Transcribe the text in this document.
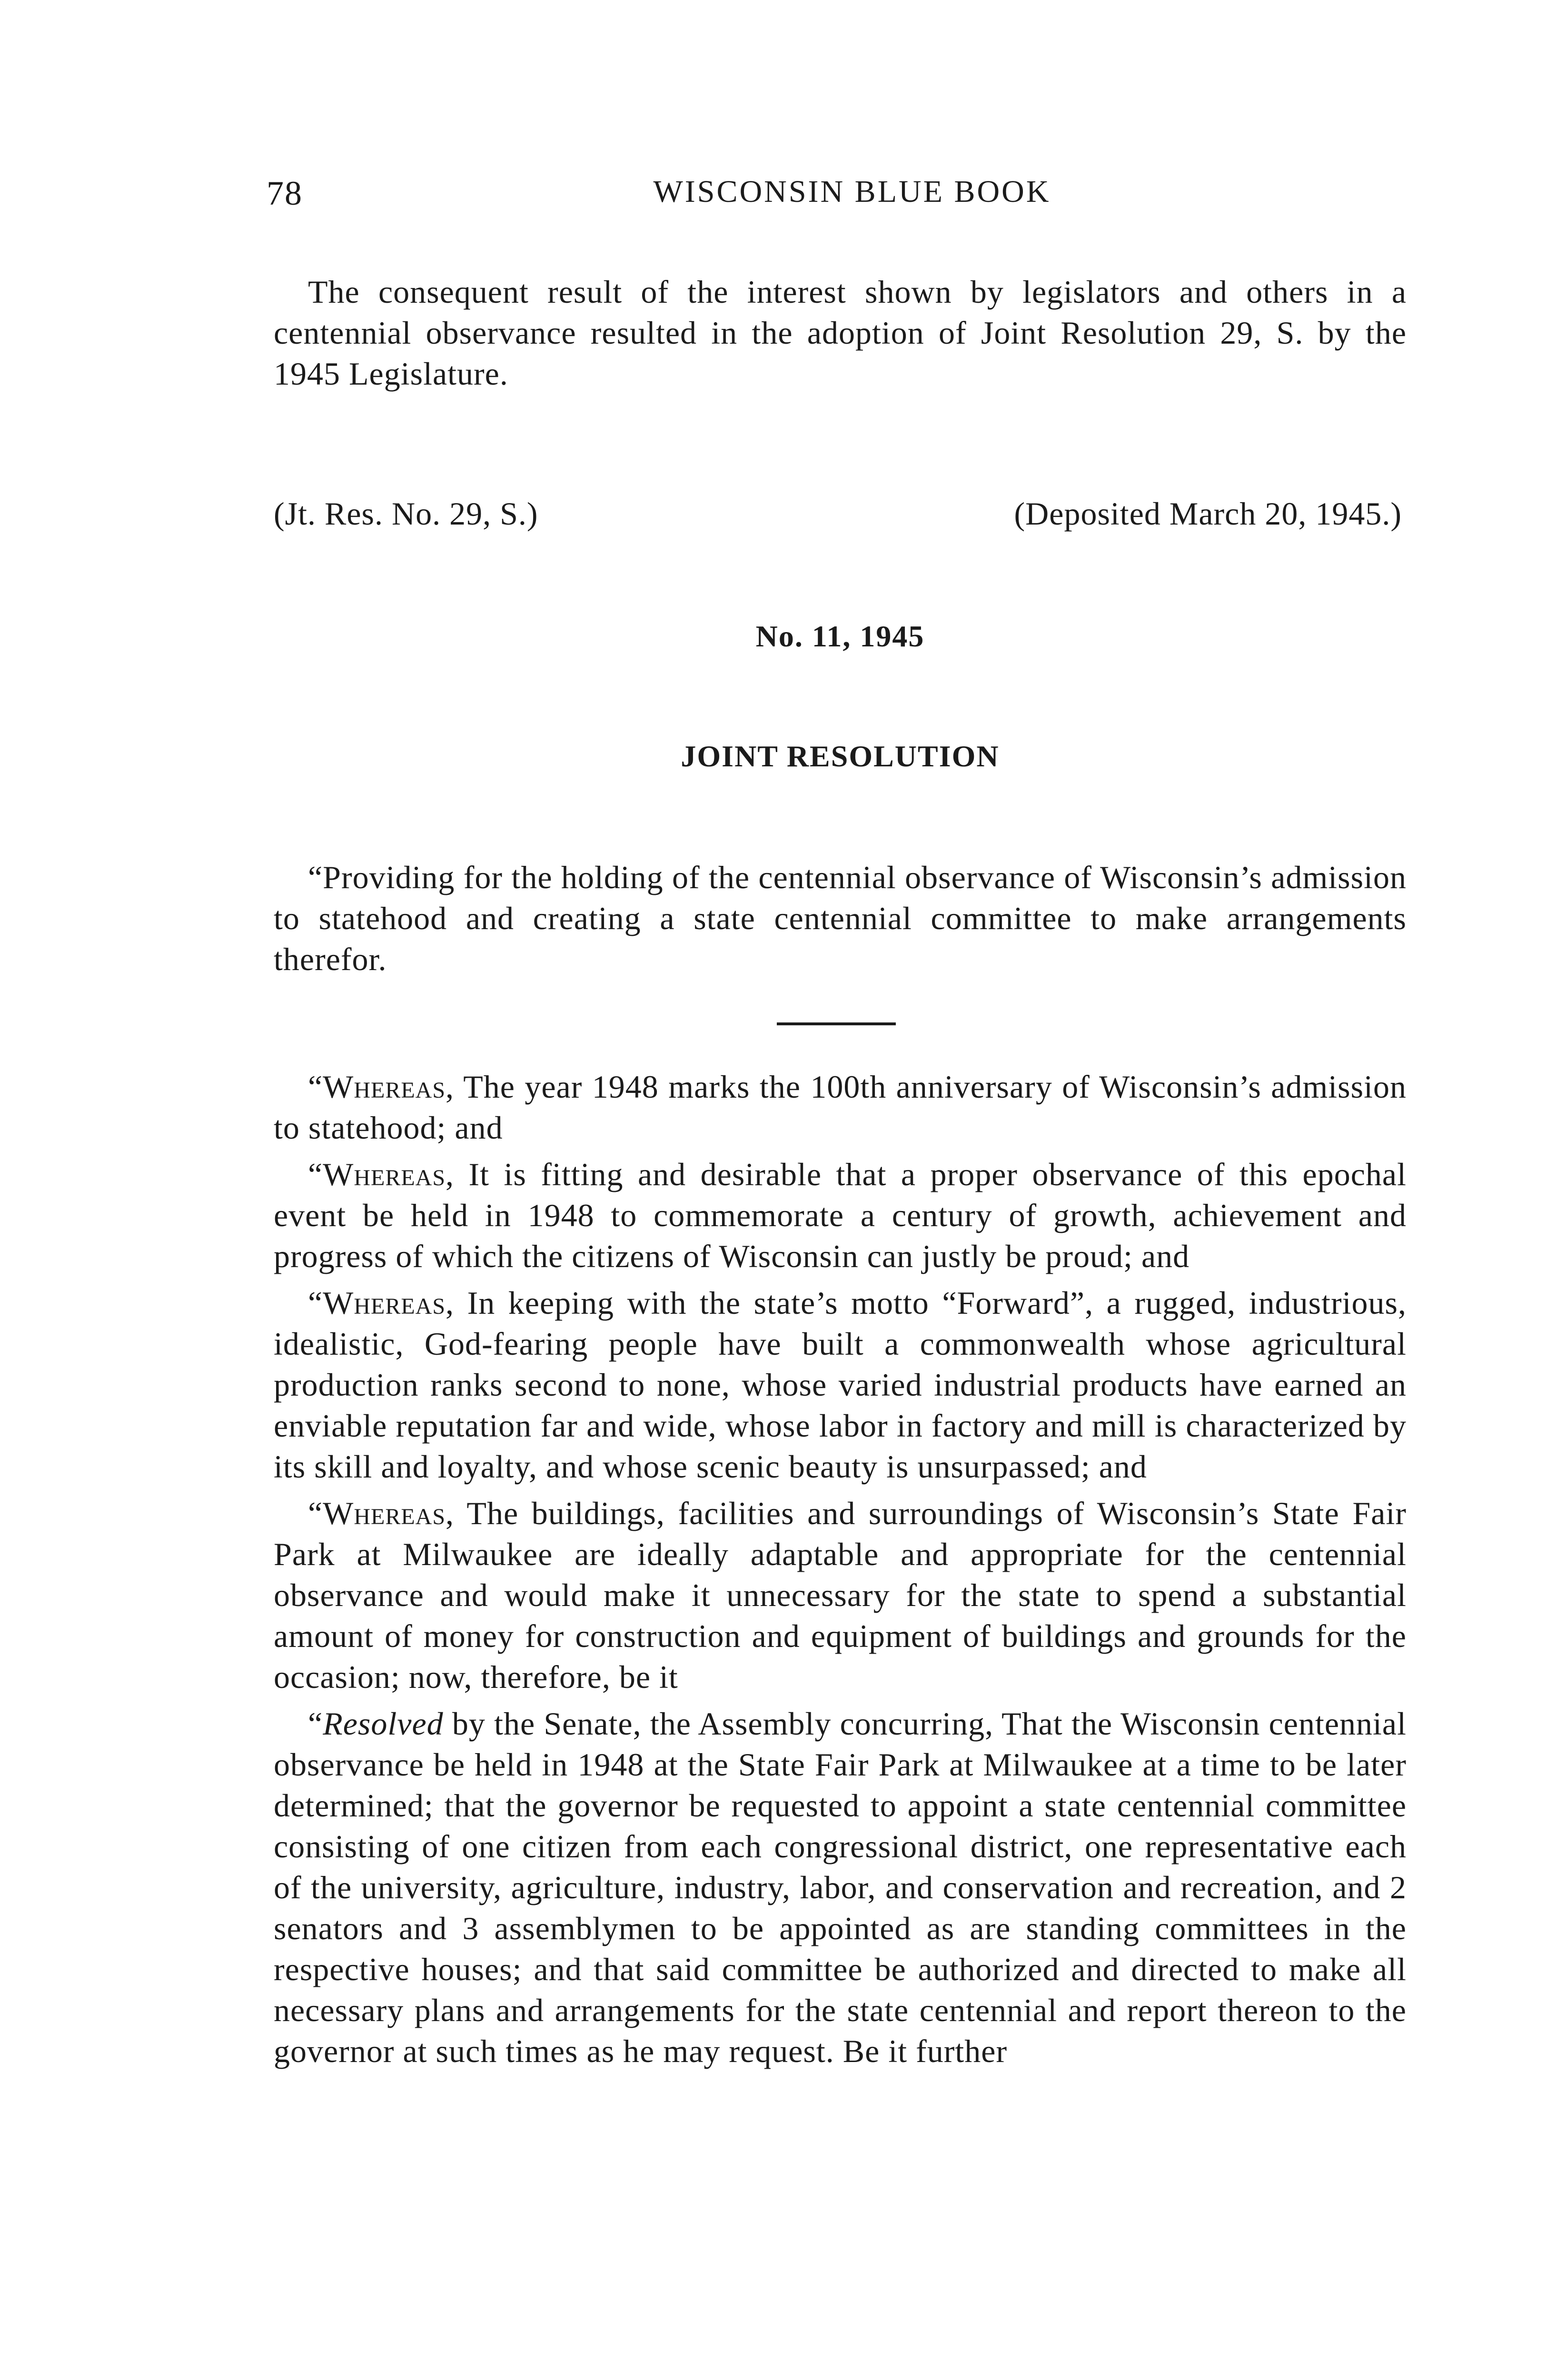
78	WISCONSIN BLUE BOOK

The consequent result of the interest shown by legislators and others in a centennial observance resulted in the adoption of Joint Resolution 29, S. by the 1945 Legislature.

(Jt. Res. No. 29, S.)	(Deposited March 20, 1945.)
No. 11, 1945
JOINT RESOLUTION

“Providing for the holding of the centennial observance of Wisconsin’s admission to statehood and creating a state centennial committee to make arrangements therefor.

“Whereas, The year 1948 marks the 100th anniversary of Wisconsin’s admission to statehood; and

“Whereas, It is fitting and desirable that a proper observance of this epochal event be held in 1948 to commemorate a century of growth, achievement and progress of which the citizens of Wisconsin can justly be proud; and

“Whereas, In keeping with the state’s motto “Forward”, a rugged, industrious, idealistic, God-fearing people have built a commonwealth whose agricultural production ranks second to none, whose varied industrial products have earned an enviable reputation far and wide, whose labor in factory and mill is characterized by its skill and loyalty, and whose scenic beauty is unsurpassed; and

“Whereas, The buildings, facilities and surroundings of Wisconsin’s State Fair Park at Milwaukee are ideally adaptable and appropriate for the centennial observance and would make it unnecessary for the state to spend a substantial amount of money for construction and equipment of buildings and grounds for the occasion; now, therefore, be it

“Resolved by the Senate, the Assembly concurring, That the Wisconsin centennial observance be held in 1948 at the State Fair Park at Milwaukee at a time to be later determined; that the governor be requested to appoint a state centennial committee consisting of one citizen from each congressional district, one representative each of the university, agriculture, industry, labor, and conservation and recreation, and 2 senators and 3 assemblymen to be appointed as are standing committees in the respective houses; and that said committee be authorized and directed to make all necessary plans and arrangements for the state centennial and report thereon to the governor at such times as he may request. Be it further
